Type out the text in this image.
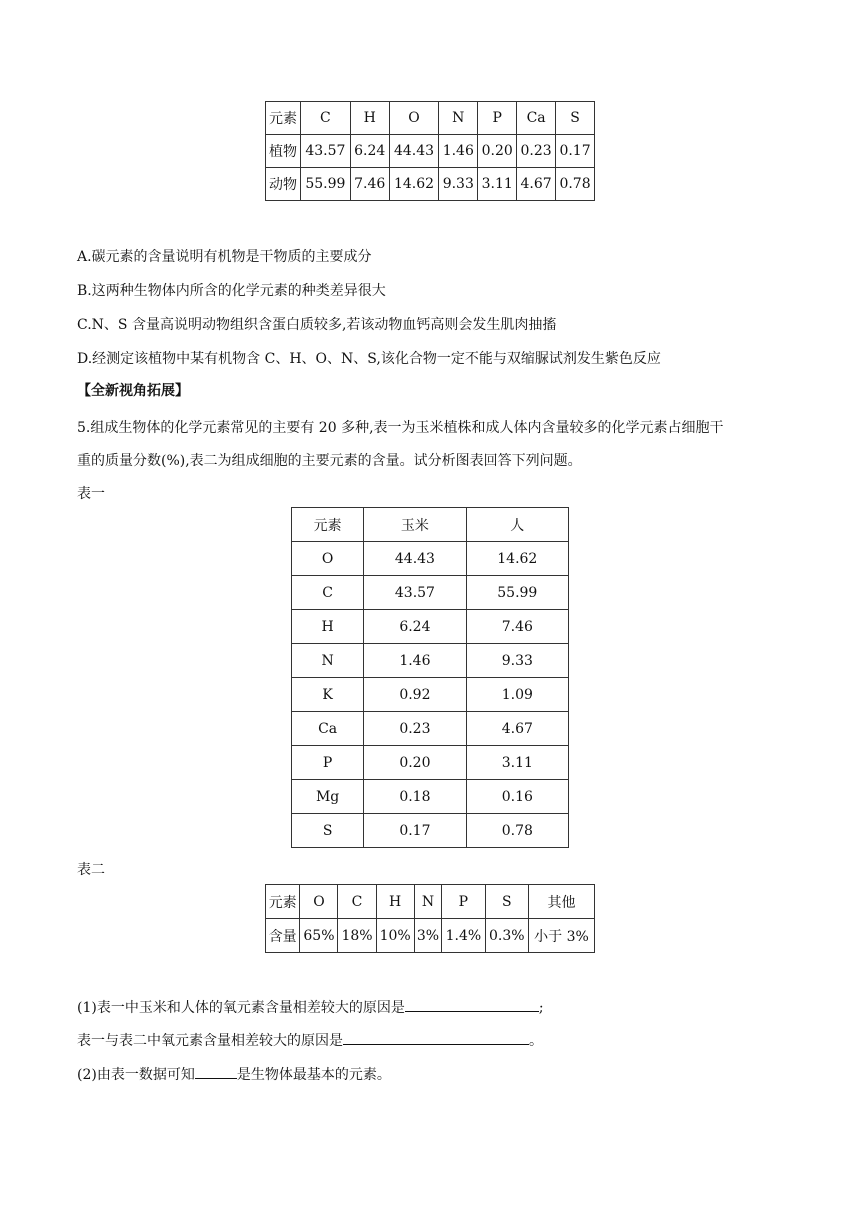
元素	C	H	O	N	P	Ca	S
植物	43.57	6.24	44.43	1.46	0.20	0.23	0.17
动物	55.99	7.46	14.62	9.33	3.11	4.67	0.78
A.碳元素的含量说明有机物是干物质的主要成分
B.这两种生物体内所含的化学元素的种类差异很大
C.N、S 含量高说明动物组织含蛋白质较多,若该动物血钙高则会发生肌肉抽搐
D.经测定该植物中某有机物含 C、H、O、N、S,该化合物一定不能与双缩脲试剂发生紫色反应
【全新视角拓展】
5.组成生物体的化学元素常见的主要有 20 多种,表一为玉米植株和成人体内含量较多的化学元素占细胞干
重的质量分数(%),表二为组成细胞的主要元素的含量。试分析图表回答下列问题。
表一
元素	玉米	人
O	44.43	14.62
C	43.57	55.99
H	6.24	7.46
N	1.46	9.33
K	0.92	1.09
Ca	0.23	4.67
P	0.20	3.11
Mg	0.18	0.16
S	0.17	0.78
表二
元素	O	C	H	N	P	S	其他
含量	65%	18%	10%	3%	1.4%	0.3%	小于 3%
(1)表一中玉米和人体的氧元素含量相差较大的原因是	;
表一与表二中氧元素含量相差较大的原因是	。
(2)由表一数据可知	是生物体最基本的元素。
